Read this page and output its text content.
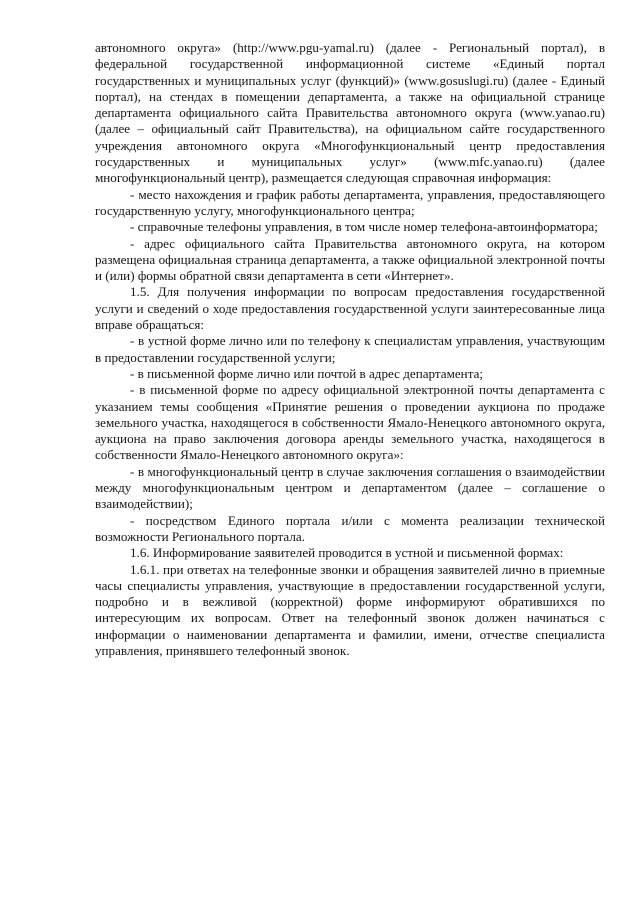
автономного округа» (http://www.pgu-yamal.ru) (далее - Региональный портал), в федеральной государственной информационной системе «Единый портал государственных и муниципальных услуг (функций)» (www.gosuslugi.ru) (далее - Единый портал), на стендах в помещении департамента, а также на официальной странице департамента официального сайта Правительства автономного округа (www.yanao.ru) (далее – официальный сайт Правительства), на официальном сайте государственного учреждения автономного округа «Многофункциональный центр предоставления государственных и муниципальных услуг» (www.mfc.yanao.ru) (далее многофункциональный центр), размещается следующая справочная информация:

- место нахождения и график работы департамента, управления, предоставляющего государственную услугу, многофункционального центра;

- справочные телефоны управления, в том числе номер телефона-автоинформатора;

- адрес официального сайта Правительства автономного округа, на котором размещена официальная страница департамента, а также официальной электронной почты и (или) формы обратной связи департамента в сети «Интернет».

1.5. Для получения информации по вопросам предоставления государственной услуги и сведений о ходе предоставления государственной услуги заинтересованные лица вправе обращаться:

- в устной форме лично или по телефону к специалистам управления, участвующим в предоставлении государственной услуги;

- в письменной форме лично или почтой в адрес департамента;

- в письменной форме по адресу официальной электронной почты департамента с указанием темы сообщения «Принятие решения о проведении аукциона по продаже земельного участка, находящегося в собственности Ямало-Ненецкого автономного округа, аукциона на право заключения договора аренды земельного участка, находящегося в собственности Ямало-Ненецкого автономного округа»:

- в многофункциональный центр в случае заключения соглашения о взаимодействии между многофункциональным центром и департаментом (далее – соглашение о взаимодействии);

- посредством Единого портала и/или с момента реализации технической возможности Регионального портала.

1.6. Информирование заявителей проводится в устной и письменной формах:

1.6.1. при ответах на телефонные звонки и обращения заявителей лично в приемные часы специалисты управления, участвующие в предоставлении государственной услуги, подробно и в вежливой (корректной) форме информируют обратившихся по интересующим их вопросам. Ответ на телефонный звонок должен начинаться с информации о наименовании департамента и фамилии, имени, отчестве специалиста управления, принявшего телефонный звонок.
